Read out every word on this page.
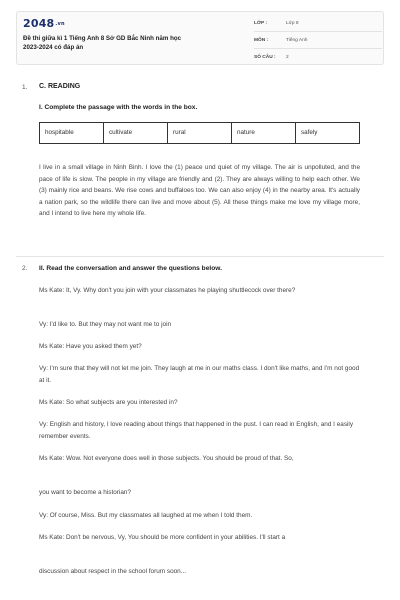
2048.vn
Đề thi giữa kì 1 Tiếng Anh 8 Sở GD Bắc Ninh năm học
2023-2024 có đáp án
LỚP :	Lớp 8
MÔN :	Tiếng Anh
SỐ CÂU :	2
1. C. READING
I. Complete the passage with the words in the box.
hospitable	cultivate	rural	nature	safely

I live in a small village in Ninh Binh. I love the (1) peace und quiet of my village. The air is unpolluted, and the pace of life is slow. The people in my village are friendly and (2). They are always willing to help each other. We (3) mainly rice and beans. We rise cows and buffaloes too. We can also enjoy (4) in the nearby area. It's actually a nation park, so the wildlife there can live and move about (5). All these things make me love my village more, and I intend to live here my whole life.

2. II. Read the conversation and answer the questions below.

Ms Kate: It, Vy. Why don't you join with your classmates he playing shuttlecock over there?

Vy: I'd like to. But they may not want me to join

Ms Kate: Have you asked them yet?

Vy: I'm sure that they will not let me join. They laugh at me in our maths class. I don't like maths, and I'm not good at it.

Ms Kate: So what subjects are you interested in?

Vy: English and history, I love reading about things that happened in the pust. I can read in English, and I easily remember events.

Ms Kate: Wow. Not everyone does well in those subjects. You should be proud of that. So,

you want to become a historian?

Vy: Of course, Miss. But my classmates all laughed at me when I told them.

Ms Kate: Don't be nervous, Vy, You should be more confident in your abilities. I'll start a

discussion about respect in the school forum soon...
